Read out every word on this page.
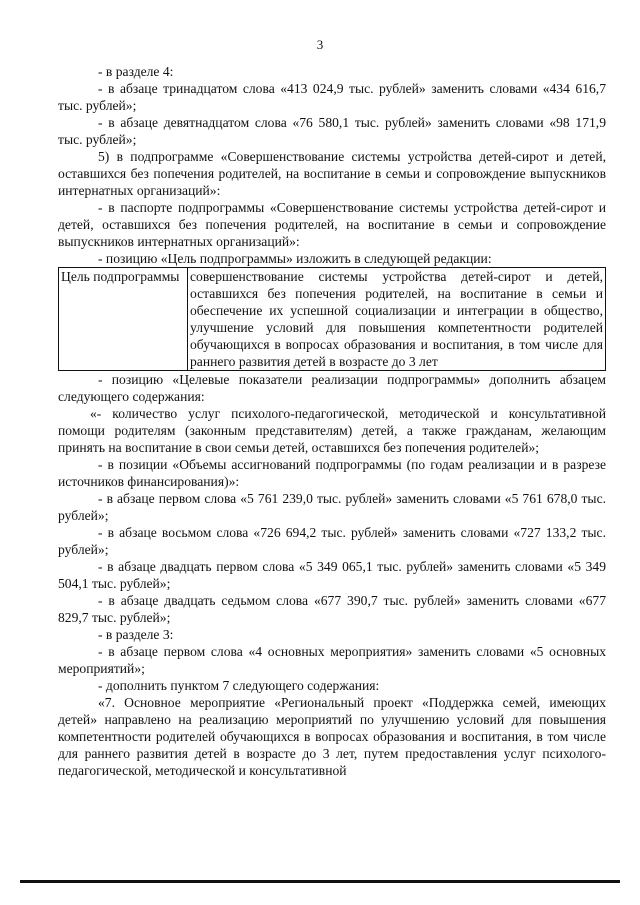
3

- в разделе 4:

- в абзаце тринадцатом слова «413 024,9 тыс. рублей» заменить словами «434 616,7 тыс. рублей»;

- в абзаце девятнадцатом слова «76 580,1 тыс. рублей» заменить словами «98 171,9 тыс. рублей»;

5) в подпрограмме «Совершенствование системы устройства детей-сирот и детей, оставшихся без попечения родителей, на воспитание в семьи и сопровождение выпускников интернатных организаций»:

- в паспорте подпрограммы «Совершенствование системы устройства детей-сирот и детей, оставшихся без попечения родителей, на воспитание в семьи и сопровождение выпускников интернатных организаций»:

- позицию «Цель подпрограммы» изложить в следующей редакции:

Цель подпрограммы	совершенствование системы устройства детей-сирот и детей, оставшихся без попечения родителей, на воспитание в семьи и обеспечение их успешной социализации и интеграции в общество, улучшение условий для повышения компетентности родителей обучающихся в вопросах образования и воспитания, в том числе для раннего развития детей в возрасте до 3 лет

- позицию «Целевые показатели реализации подпрограммы» дополнить абзацем следующего содержания:

«- количество услуг психолого-педагогической, методической и консультативной помощи родителям (законным представителям) детей, а также гражданам, желающим принять на воспитание в свои семьи детей, оставшихся без попечения родителей»;

- в позиции «Объемы ассигнований подпрограммы (по годам реализации и в разрезе источников финансирования)»:

- в абзаце первом слова «5 761 239,0 тыс. рублей» заменить словами «5 761 678,0 тыс. рублей»;

- в абзаце восьмом слова «726 694,2 тыс. рублей» заменить словами «727 133,2 тыс. рублей»;

- в абзаце двадцать первом слова «5 349 065,1 тыс. рублей» заменить словами «5 349 504,1 тыс. рублей»;

- в абзаце двадцать седьмом слова «677 390,7 тыс. рублей» заменить словами «677 829,7 тыс. рублей»;

- в разделе 3:

- в абзаце первом слова «4 основных мероприятия» заменить словами «5 основных мероприятий»;

- дополнить пунктом 7 следующего содержания:

«7. Основное мероприятие «Региональный проект «Поддержка семей, имеющих детей» направлено на реализацию мероприятий по улучшению условий для повышения компетентности родителей обучающихся в вопросах образования и воспитания, в том числе для раннего развития детей в возрасте до 3 лет, путем предоставления услуг психолого-педагогической, методической и консультативной
